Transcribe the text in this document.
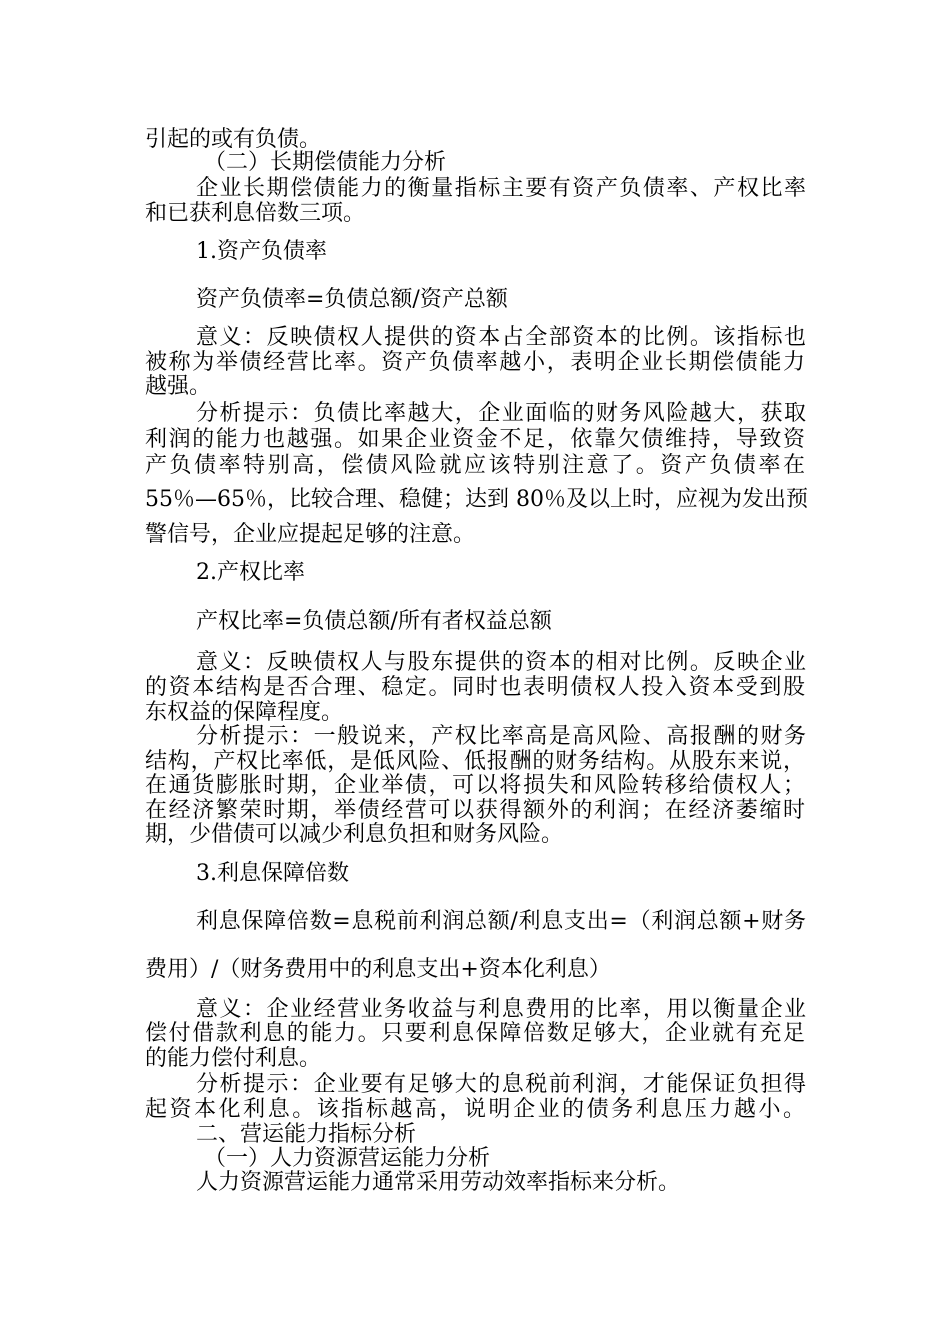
引起的或有负债。
（二）长期偿债能力分析
企业长期偿债能力的衡量指标主要有资产负债率、产权比率
和已获利息倍数三项。
1.资产负债率
资产负债率=负债总额/资产总额
意义：反映债权人提供的资本占全部资本的比例。该指标也
被称为举债经营比率。资产负债率越小，表明企业长期偿债能力
越强。
分析提示：负债比率越大，企业面临的财务风险越大，获取
利润的能力也越强。如果企业资金不足，依靠欠债维持，导致资
产负债率特别高，偿债风险就应该特别注意了。资产负债率在
55％—65％，比较合理、稳健；达到 80％及以上时，应视为发出预
警信号，企业应提起足够的注意。
2.产权比率
产权比率=负债总额/所有者权益总额
意义：反映债权人与股东提供的资本的相对比例。反映企业
的资本结构是否合理、稳定。同时也表明债权人投入资本受到股
东权益的保障程度。
分析提示：一般说来，产权比率高是高风险、高报酬的财务
结构，产权比率低，是低风险、低报酬的财务结构。从股东来说，
在通货膨胀时期，企业举债，可以将损失和风险转移给债权人；
在经济繁荣时期，举债经营可以获得额外的利润；在经济萎缩时
期，少借债可以减少利息负担和财务风险。
3.利息保障倍数
利息保障倍数=息税前利润总额/利息支出=（利润总额+财务
费用）/（财务费用中的利息支出+资本化利息）
意义：企业经营业务收益与利息费用的比率，用以衡量企业
偿付借款利息的能力。只要利息保障倍数足够大，企业就有充足
的能力偿付利息。
分析提示：企业要有足够大的息税前利润，才能保证负担得
起资本化利息。该指标越高，说明企业的债务利息压力越小。
二、营运能力指标分析
（一）人力资源营运能力分析
人力资源营运能力通常采用劳动效率指标来分析。
